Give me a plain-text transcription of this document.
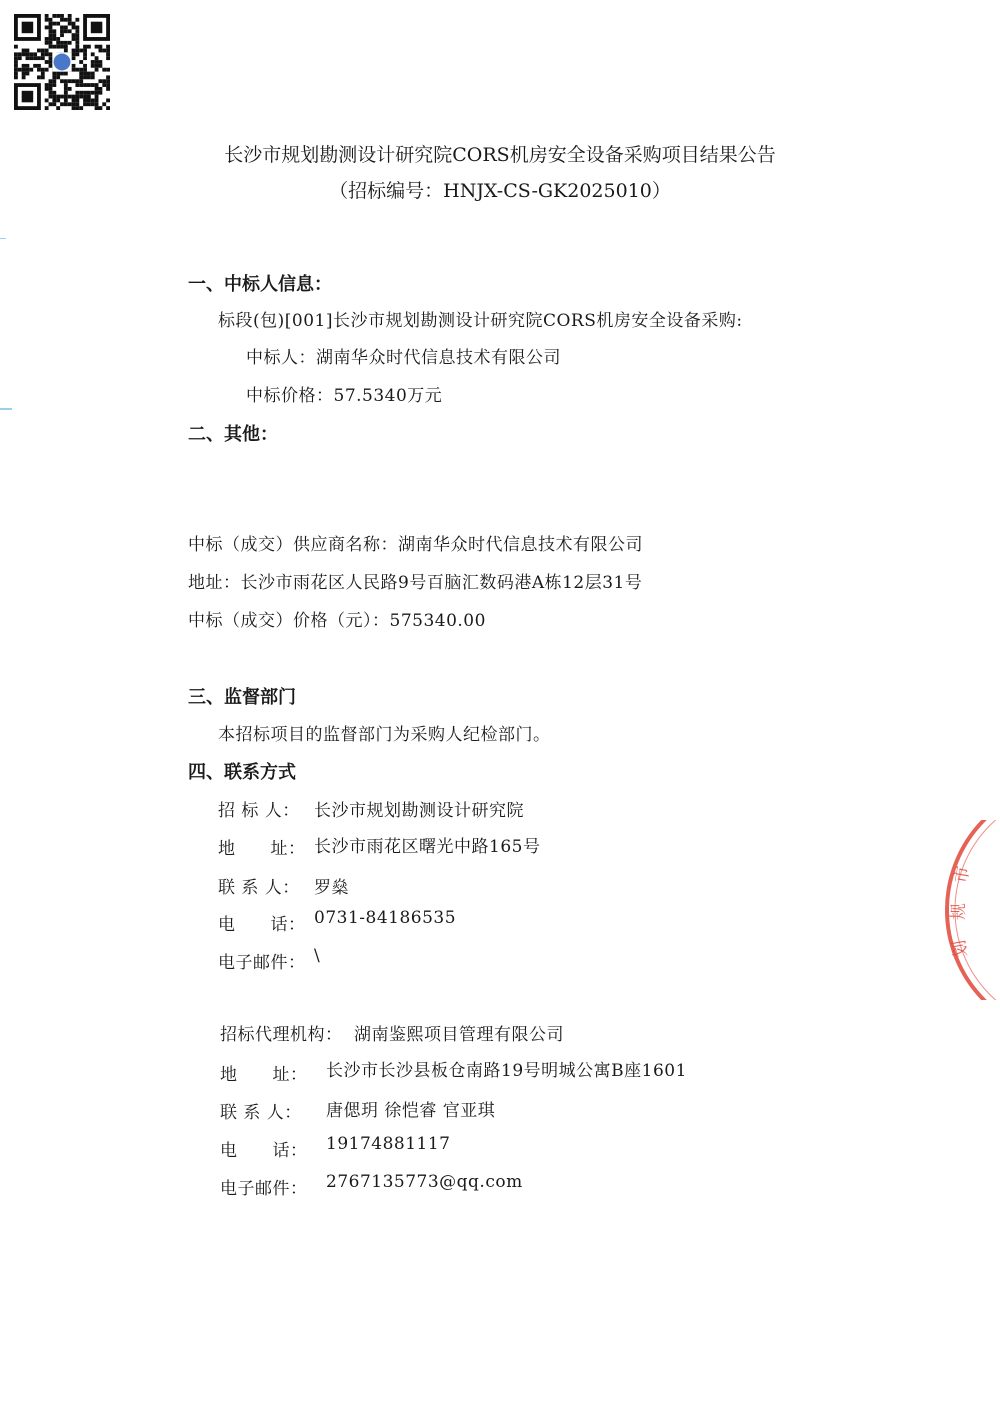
长沙市规划勘测设计研究院CORS机房安全设备采购项目结果公告
（招标编号：HNJX-CS-GK2025010）
一、中标人信息：
标段(包)[001]长沙市规划勘测设计研究院CORS机房安全设备采购:
中标人：湖南华众时代信息技术有限公司
中标价格：57.5340万元
二、其他：
中标（成交）供应商名称：湖南华众时代信息技术有限公司
地址：长沙市雨花区人民路9号百脑汇数码港A栋12层31号
中标（成交）价格（元）：575340.00
三、监督部门
本招标项目的监督部门为采购人纪检部门。
四、联系方式
招 标 人： 长沙市规划勘测设计研究院
地　　址： 长沙市雨花区曙光中路165号
联 系 人： 罗燊
电　　话： 0731-84186535
电子邮件： \
招标代理机构： 湖南鉴熙项目管理有限公司
地　　址： 长沙市长沙县板仓南路19号明城公寓B座1601
联 系 人： 唐偲玥 徐恺睿 官亚琪
电　　话： 19174881117
电子邮件： 2767135773@qq.com
市
规
划
